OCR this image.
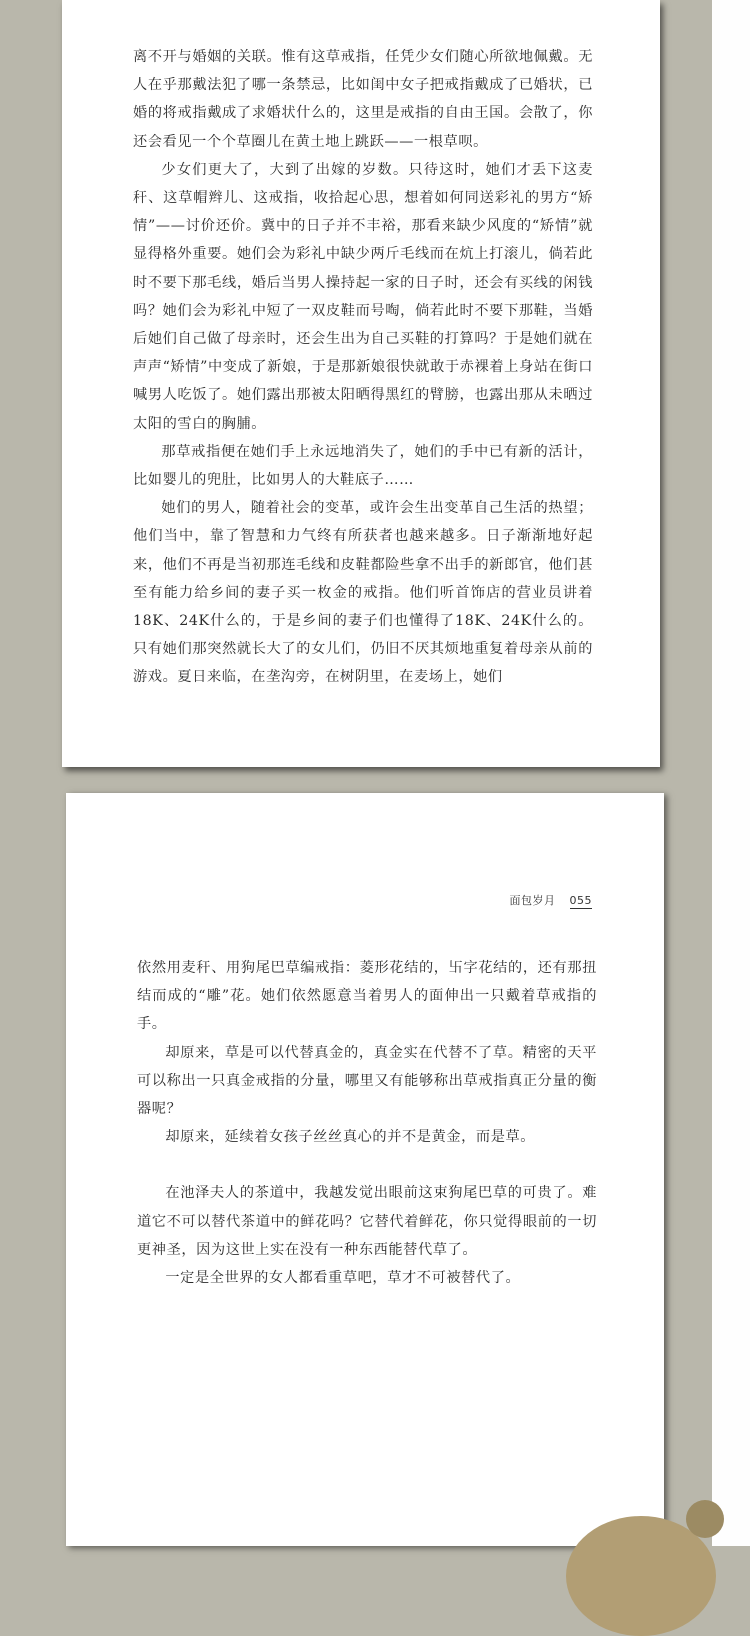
离不开与婚姻的关联。惟有这草戒指，任凭少女们随心所欲地佩戴。无人在乎那戴法犯了哪一条禁忌，比如闺中女子把戒指戴成了已婚状，已婚的将戒指戴成了求婚状什么的，这里是戒指的自由王国。会散了，你还会看见一个个草圈儿在黄土地上跳跃——一根草呗。

少女们更大了，大到了出嫁的岁数。只待这时，她们才丢下这麦秆、这草帽辫儿、这戒指，收拾起心思，想着如何同送彩礼的男方“矫情”——讨价还价。冀中的日子并不丰裕，那看来缺少风度的“矫情”就显得格外重要。她们会为彩礼中缺少两斤毛线而在炕上打滚儿，倘若此时不要下那毛线，婚后当男人操持起一家的日子时，还会有买线的闲钱吗？她们会为彩礼中短了一双皮鞋而号啕，倘若此时不要下那鞋，当婚后她们自己做了母亲时，还会生出为自己买鞋的打算吗？于是她们就在声声“矫情”中变成了新娘，于是那新娘很快就敢于赤裸着上身站在街口喊男人吃饭了。她们露出那被太阳晒得黑红的臂膀，也露出那从未晒过太阳的雪白的胸脯。

那草戒指便在她们手上永远地消失了，她们的手中已有新的活计，比如婴儿的兜肚，比如男人的大鞋底子……

她们的男人，随着社会的变革，或许会生出变革自己生活的热望；他们当中，靠了智慧和力气终有所获者也越来越多。日子渐渐地好起来，他们不再是当初那连毛线和皮鞋都险些拿不出手的新郎官，他们甚至有能力给乡间的妻子买一枚金的戒指。他们听首饰店的营业员讲着18K、24K什么的，于是乡间的妻子们也懂得了18K、24K什么的。只有她们那突然就长大了的女儿们，仍旧不厌其烦地重复着母亲从前的游戏。夏日来临，在垄沟旁，在树阴里，在麦场上，她们

面包岁月 055

依然用麦秆、用狗尾巴草编戒指：菱形花结的，卐字花结的，还有那扭结而成的“雕”花。她们依然愿意当着男人的面伸出一只戴着草戒指的手。

却原来，草是可以代替真金的，真金实在代替不了草。精密的天平可以称出一只真金戒指的分量，哪里又有能够称出草戒指真正分量的衡器呢？

却原来，延续着女孩子丝丝真心的并不是黄金，而是草。

在池泽夫人的茶道中，我越发觉出眼前这束狗尾巴草的可贵了。难道它不可以替代茶道中的鲜花吗？它替代着鲜花，你只觉得眼前的一切更神圣，因为这世上实在没有一种东西能替代草了。

一定是全世界的女人都看重草吧，草才不可被替代了。
